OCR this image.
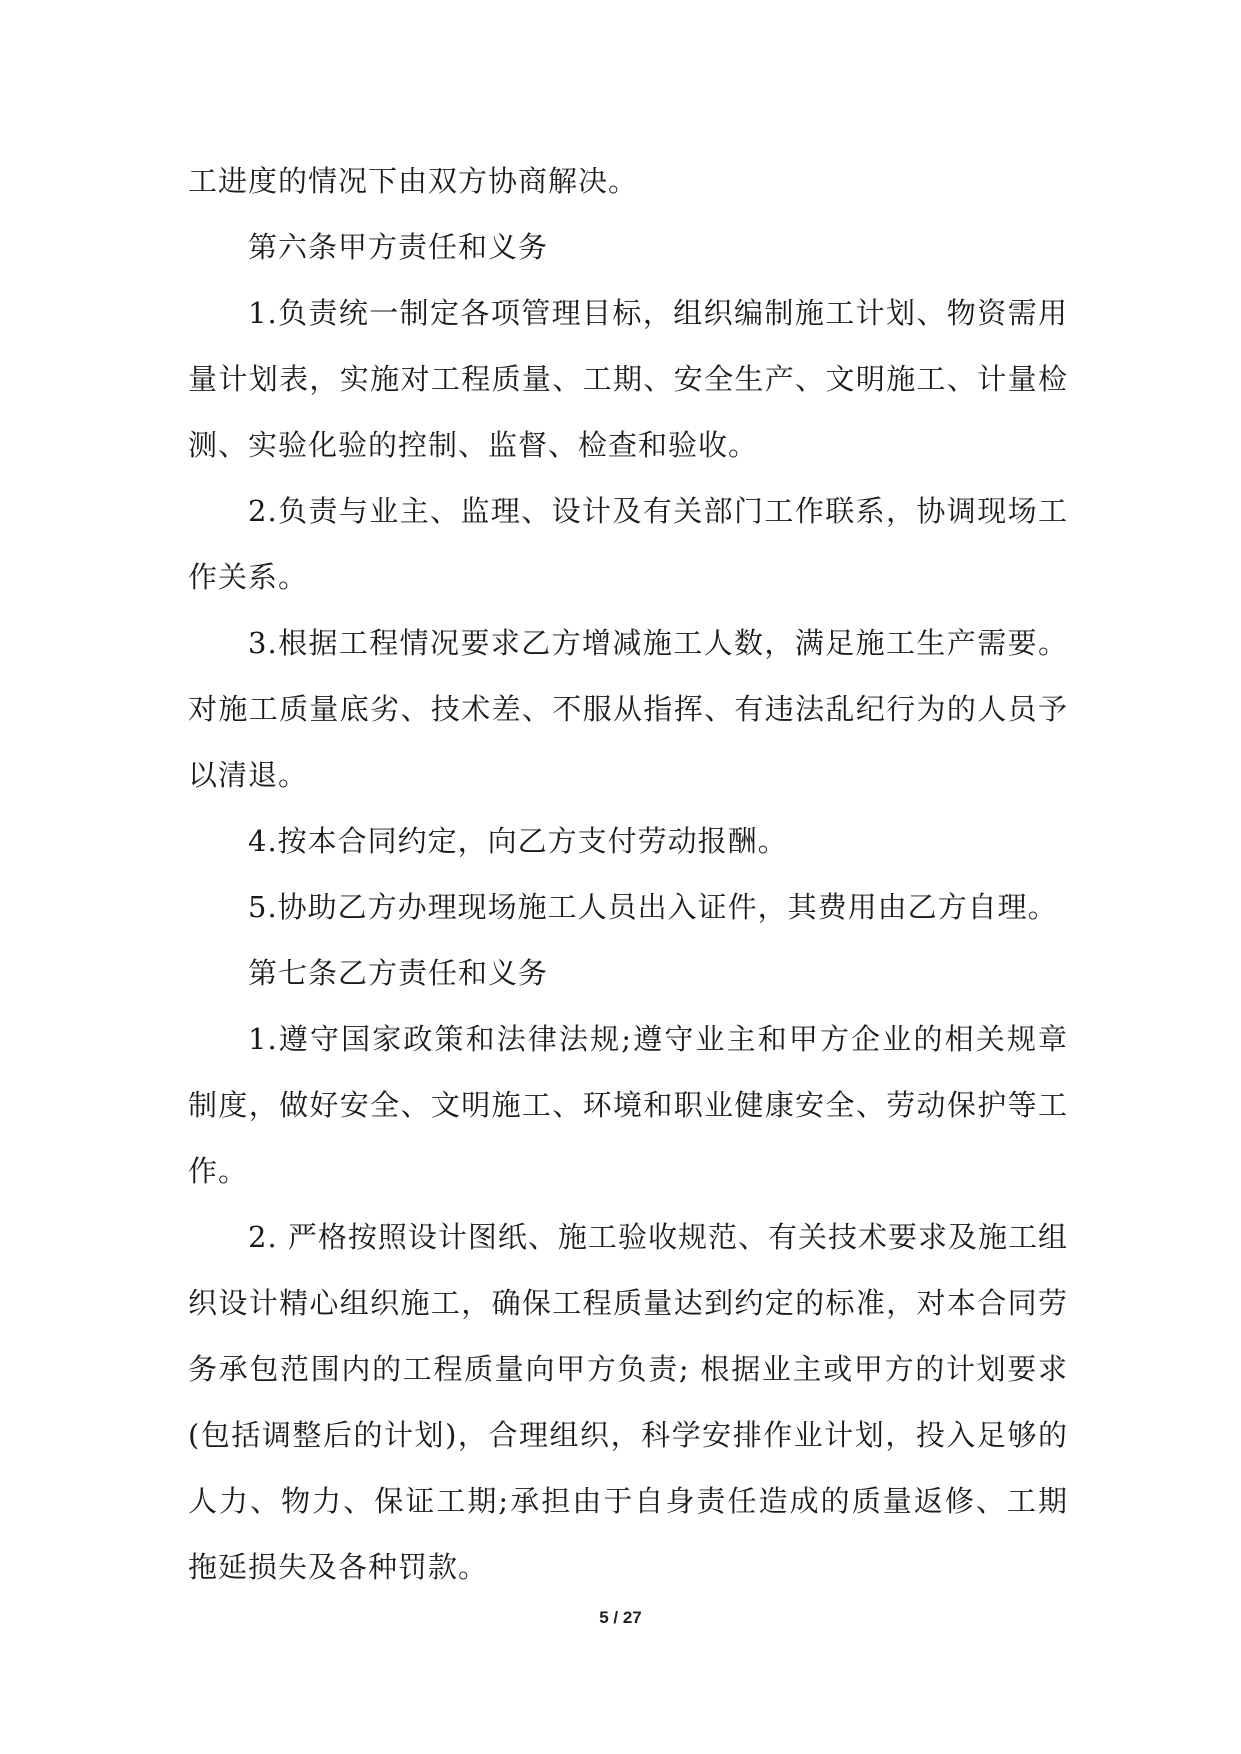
工进度的情况下由双方协商解决。

第六条甲方责任和义务

1.负责统一制定各项管理目标，组织编制施工计划、物资需用量计划表，实施对工程质量、工期、安全生产、文明施工、计量检测、实验化验的控制、监督、检查和验收。

2.负责与业主、监理、设计及有关部门工作联系，协调现场工作关系。

3.根据工程情况要求乙方增减施工人数，满足施工生产需要。对施工质量底劣、技术差、不服从指挥、有违法乱纪行为的人员予以清退。

4.按本合同约定，向乙方支付劳动报酬。

5.协助乙方办理现场施工人员出入证件，其费用由乙方自理。

第七条乙方责任和义务

1.遵守国家政策和法律法规;遵守业主和甲方企业的相关规章制度，做好安全、文明施工、环境和职业健康安全、劳动保护等工作。

2. 严格按照设计图纸、施工验收规范、有关技术要求及施工组织设计精心组织施工，确保工程质量达到约定的标准，对本合同劳务承包范围内的工程质量向甲方负责; 根据业主或甲方的计划要求(包括调整后的计划)，合理组织，科学安排作业计划，投入足够的人力、物力、保证工期;承担由于自身责任造成的质量返修、工期拖延损失及各种罚款。

5 / 27
